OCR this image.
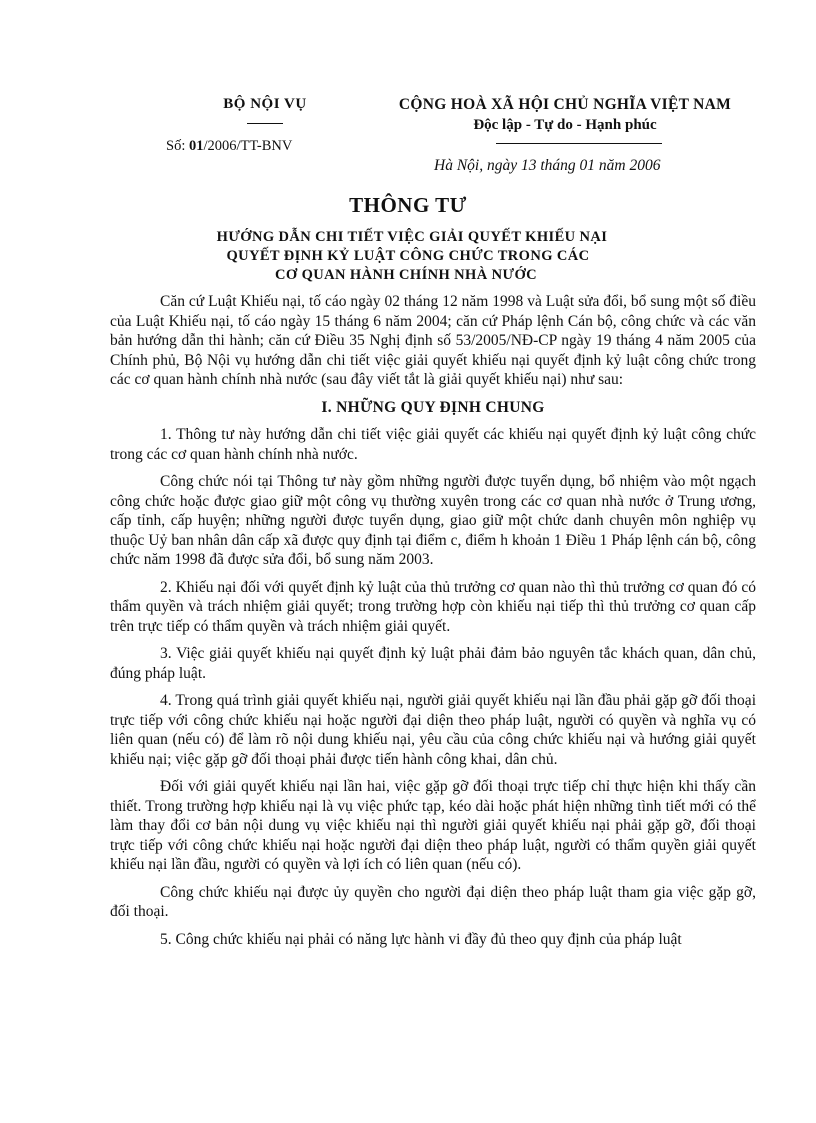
BỘ NỘI VỤ
Số: 01/2006/TT-BNV
CỘNG HOÀ XÃ HỘI CHỦ NGHĨA VIỆT NAM
Độc lập - Tự do - Hạnh phúc
Hà Nội, ngày 13 tháng 01 năm 2006
THÔNG TƯ
HƯỚNG DẪN CHI TIẾT VIỆC GIẢI QUYẾT KHIẾU NẠI
QUYẾT ĐỊNH KỶ LUẬT CÔNG CHỨC TRONG CÁC
CƠ QUAN HÀNH CHÍNH NHÀ NƯỚC

Căn cứ Luật Khiếu nại, tố cáo ngày 02 tháng 12 năm 1998 và Luật sửa đổi, bổ sung một số điều của Luật Khiếu nại, tố cáo ngày 15 tháng 6 năm 2004; căn cứ Pháp lệnh Cán bộ, công chức và các văn bản hướng dẫn thi hành; căn cứ Điều 35 Nghị định số 53/2005/NĐ-CP ngày 19 tháng 4 năm 2005 của Chính phủ, Bộ Nội vụ hướng dẫn chi tiết việc giải quyết khiếu nại quyết định kỷ luật công chức trong các cơ quan hành chính nhà nước (sau đây viết tắt là giải quyết khiếu nại) như sau:

I. NHỮNG QUY ĐỊNH CHUNG

1. Thông tư này hướng dẫn chi tiết việc giải quyết các khiếu nại quyết định kỷ luật công chức trong các cơ quan hành chính nhà nước.

Công chức nói tại Thông tư này gồm những người được tuyển dụng, bổ nhiệm vào một ngạch công chức hoặc được giao giữ một công vụ thường xuyên trong các cơ quan nhà nước ở Trung ương, cấp tỉnh, cấp huyện; những người được tuyển dụng, giao giữ một chức danh chuyên môn nghiệp vụ thuộc Uỷ ban nhân dân cấp xã được quy định tại điểm c, điểm h khoản 1 Điều 1 Pháp lệnh cán bộ, công chức năm 1998 đã được sửa đổi, bổ sung năm 2003.

2. Khiếu nại đối với quyết định kỷ luật của thủ trưởng cơ quan nào thì thủ trưởng cơ quan đó có thẩm quyền và trách nhiệm giải quyết; trong trường hợp còn khiếu nại tiếp thì thủ trưởng cơ quan cấp trên trực tiếp có thẩm quyền và trách nhiệm giải quyết.

3. Việc giải quyết khiếu nại quyết định kỷ luật phải đảm bảo nguyên tắc khách quan, dân chủ, đúng pháp luật.

4. Trong quá trình giải quyết khiếu nại, người giải quyết khiếu nại lần đầu phải gặp gỡ đối thoại trực tiếp với công chức khiếu nại hoặc người đại diện theo pháp luật, người có quyền và nghĩa vụ có liên quan (nếu có) để làm rõ nội dung khiếu nại, yêu cầu của công chức khiếu nại và hướng giải quyết khiếu nại; việc gặp gỡ đối thoại phải được tiến hành công khai, dân chủ.

Đối với giải quyết khiếu nại lần hai, việc gặp gỡ đối thoại trực tiếp chỉ thực hiện khi thấy cần thiết. Trong trường hợp khiếu nại là vụ việc phức tạp, kéo dài hoặc phát hiện những tình tiết mới có thể làm thay đổi cơ bản nội dung vụ việc khiếu nại thì người giải quyết khiếu nại phải gặp gỡ, đối thoại trực tiếp với công chức khiếu nại hoặc người đại diện theo pháp luật, người có thẩm quyền giải quyết khiếu nại lần đầu, người có quyền và lợi ích có liên quan (nếu có).

Công chức khiếu nại được ủy quyền cho người đại diện theo pháp luật tham gia việc gặp gỡ, đối thoại.

5. Công chức khiếu nại phải có năng lực hành vi đầy đủ theo quy định của pháp luật
